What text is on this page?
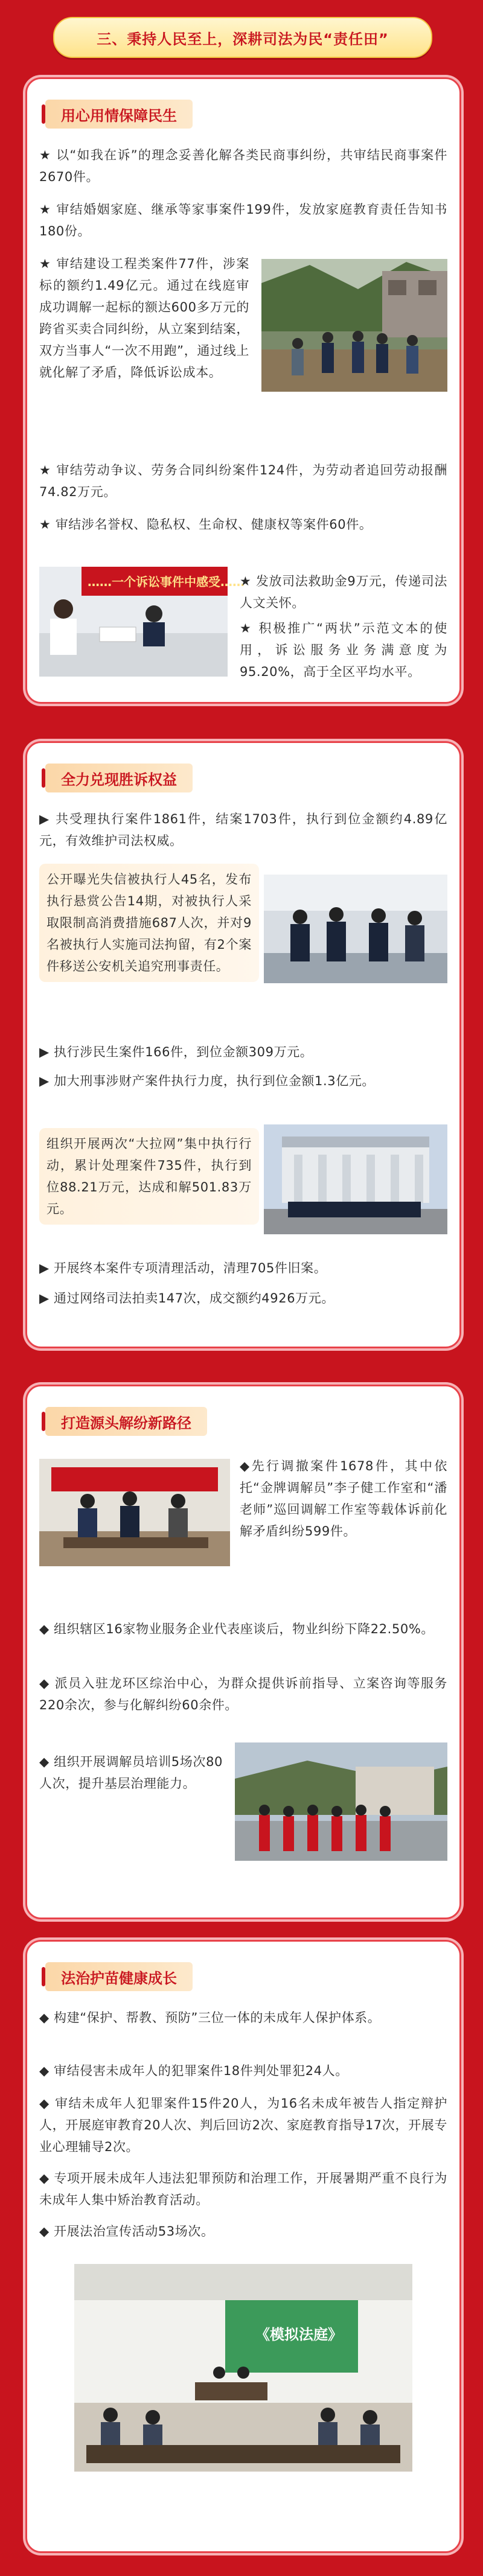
三、秉持人民至上，深耕司法为民“责任田”
用心用情保障民生

★ 以“如我在诉”的理念妥善化解各类民商事纠纷，共审结民商事案件2670件。

★ 审结婚姻家庭、继承等家事案件199件，发放家庭教育责任告知书180份。

★ 审结建设工程类案件77件，涉案标的额约1.49亿元。通过在线庭审成功调解一起标的额达600多万元的跨省买卖合同纠纷，从立案到结案，双方当事人“一次不用跑”，通过线上就化解了矛盾，降低诉讼成本。

★ 审结劳动争议、劳务合同纠纷案件124件，为劳动者追回劳动报酬74.82万元。

★ 审结涉名誉权、隐私权、生命权、健康权等案件60件。

……一个诉讼事件中感受……

★ 发放司法救助金9万元，传递司法人文关怀。

★ 积极推广“两状”示范文本的使用，诉讼服务业务满意度为95.20%，高于全区平均水平。

全力兑现胜诉权益

▶ 共受理执行案件1861件，结案1703件，执行到位金额约4.89亿元，有效维护司法权威。

公开曝光失信被执行人45名，发布执行悬赏公告14期，对被执行人采取限制高消费措施687人次，并对9名被执行人实施司法拘留，有2个案件移送公安机关追究刑事责任。

▶ 执行涉民生案件166件，到位金额309万元。

▶ 加大刑事涉财产案件执行力度，执行到位金额1.3亿元。

组织开展两次“大拉网”集中执行行动，累计处理案件735件，执行到位88.21万元，达成和解501.83万元。

▶ 开展终本案件专项清理活动，清理705件旧案。

▶ 通过网络司法拍卖147次，成交额约4926万元。

打造源头解纷新路径

◆先行调撤案件1678件，其中依托“金牌调解员”李子健工作室和“潘老师”巡回调解工作室等载体诉前化解矛盾纠纷599件。

◆ 组织辖区16家物业服务企业代表座谈后，物业纠纷下降22.50%。

◆ 派员入驻龙环区综治中心，为群众提供诉前指导、立案咨询等服务220余次，参与化解纠纷60余件。

◆ 组织开展调解员培训5场次80人次，提升基层治理能力。

法治护苗健康成长

◆ 构建“保护、帮教、预防”三位一体的未成年人保护体系。

◆ 审结侵害未成年人的犯罪案件18件判处罪犯24人。

◆ 审结未成年人犯罪案件15件20人，为16名未成年被告人指定辩护人，开展庭审教育20人次、判后回访2次、家庭教育指导17次，开展专业心理辅导2次。

◆ 专项开展未成年人违法犯罪预防和治理工作，开展暑期严重不良行为未成年人集中矫治教育活动。

◆ 开展法治宣传活动53场次。

《模拟法庭》
